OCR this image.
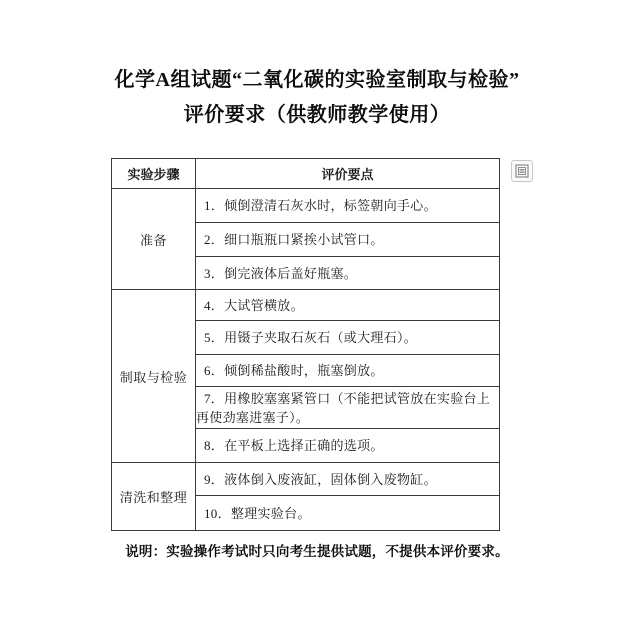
化学A组试题“二氧化碳的实验室制取与检验”
评价要求（供教师教学使用）
实验步骤	评价要点
准备	1．倾倒澄清石灰水时，标签朝向手心。
	2．细口瓶瓶口紧挨小试管口。
	3．倒完液体后盖好瓶塞。
制取与检验	4．大试管横放。
	5．用镊子夹取石灰石（或大理石）。
	6．倾倒稀盐酸时，瓶塞倒放。
	7．用橡胶塞塞紧管口（不能把试管放在实验台上再使劲塞进塞子）。
	8．在平板上选择正确的选项。
清洗和整理	9．液体倒入废液缸，固体倒入废物缸。
	10．整理实验台。
说明：实验操作考试时只向考生提供试题，不提供本评价要求。
